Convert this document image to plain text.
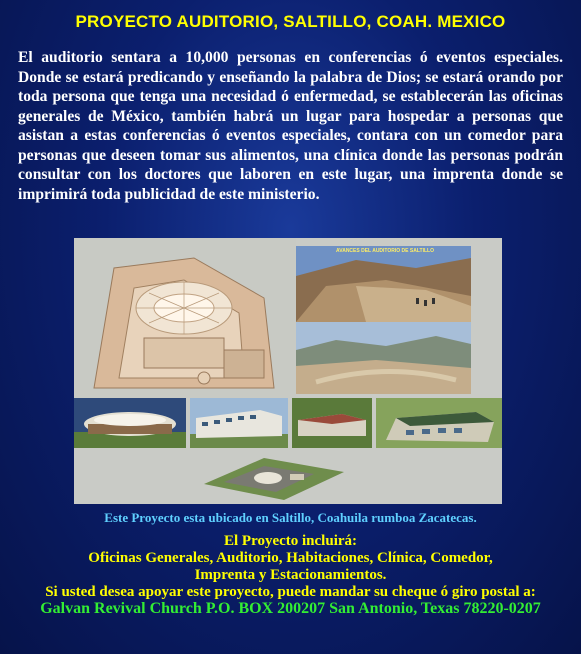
PROYECTO AUDITORIO, SALTILLO, COAH. MEXICO

El auditorio sentara a 10,000 personas en conferencias ó eventos especiales. Donde se estará predicando y enseñando la palabra de Dios; se estará orando por toda persona que tenga una necesidad ó enfermedad, se establecerán las oficinas generales de México, también habrá un lugar para hospedar a personas que asistan a estas conferencias ó eventos especiales, contara con un comedor para personas que deseen tomar sus alimentos, una clínica donde las personas podrán consultar con los doctores que laboren en este lugar, una imprenta donde se imprimirá toda publicidad de este ministerio.

AVANCES DEL AUDITORIO DE SALTILLO
Este Proyecto esta ubicado en Saltillo, Coahuila rumboa Zacatecas.
El Proyecto incluirá:
Oficinas Generales, Auditorio, Habitaciones, Clínica, Comedor,
Imprenta y Estacionamientos.
Si usted desea apoyar este proyecto, puede mandar su cheque ó giro postal a:
Galvan Revival Church P.O. BOX 200207 San Antonio, Texas 78220-0207
